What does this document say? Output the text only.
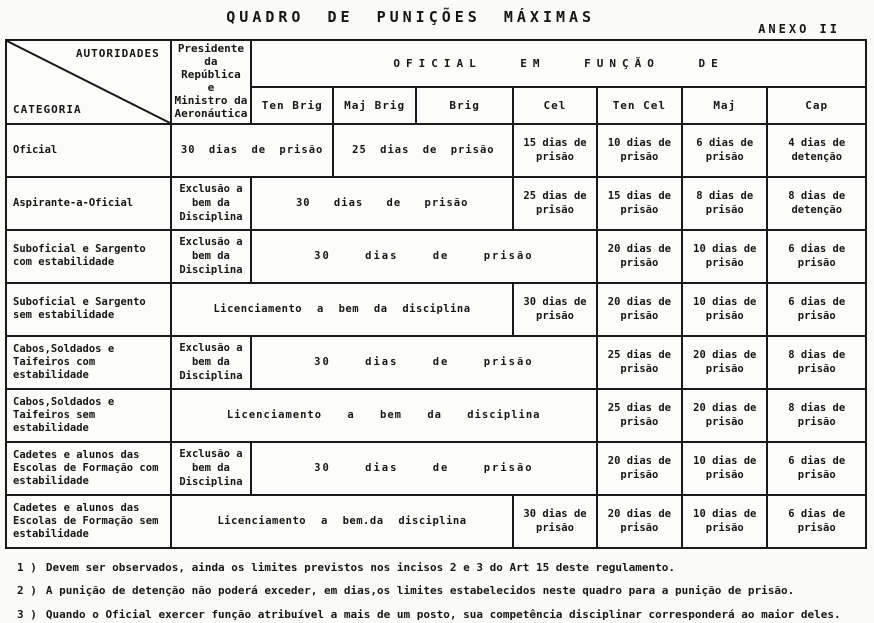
QUADRO DE PUNIÇÕES MÁXIMAS
ANEXO II
AUTORIDADES
CATEGORIA

Presidente da
República
e
Ministro da
Aeronáutica
	OFICIAL EM FUNÇÃO DE
		Ten Brig	Maj Brig	Brig	Cel	Ten Cel	Maj	Cap
Oficial	30 dias de prisão		25 dias de prisão		15 dias de prisão	10 dias de prisão	6 dias de prisão	4 dias de detenção
Aspirante-a-Oficial	Exclusão a bem da Disciplina	30 dias de prisão			25 dias de prisão	15 dias de prisão	8 dias de prisão	8 dias de detenção
Suboficial e Sargento com estabilidade	Exclusão a bem da Disciplina	30 dias de prisão				20 dias de prisão	10 dias de prisão	6 dias de prisão
Suboficial e Sargento sem estabilidade	Licenciamento a bem da disciplina				30 dias de prisão	20 dias de prisão	10 dias de prisão	6 dias de prisão
Cabos,Soldados e Taifeiros com estabilidade	Exclusão a bem da Disciplina	30 dias de prisão				25 dias de prisão	20 dias de prisão	8 dias de prisão
Cabos,Soldados e Taifeiros sem estabilidade	Licenciamento a bem da disciplina					25 dias de prisão	20 dias de prisão	8 dias de prisão
Cadetes e alunos das Escolas de Formação com estabilidade	Exclusão a bem da Disciplina	30 dias de prisão				20 dias de prisão	10 dias de prisão	6 dias de prisão
Cadetes e alunos das Escolas de Formação sem estabilidade	Licenciamento a bem.da disciplina				30 dias de prisão	20 dias de prisão	10 dias de prisão	6 dias de prisão
1 ) Devem ser observados, ainda os limites previstos nos incisos 2 e 3 do Art 15 deste regulamento.
2 ) A punição de detenção não poderá exceder, em dias,os limites estabelecidos neste quadro para a punição de prisão.
3 ) Quando o Oficial exercer função atribuível a mais de um posto, sua competência disciplinar corresponderá ao maior deles.
